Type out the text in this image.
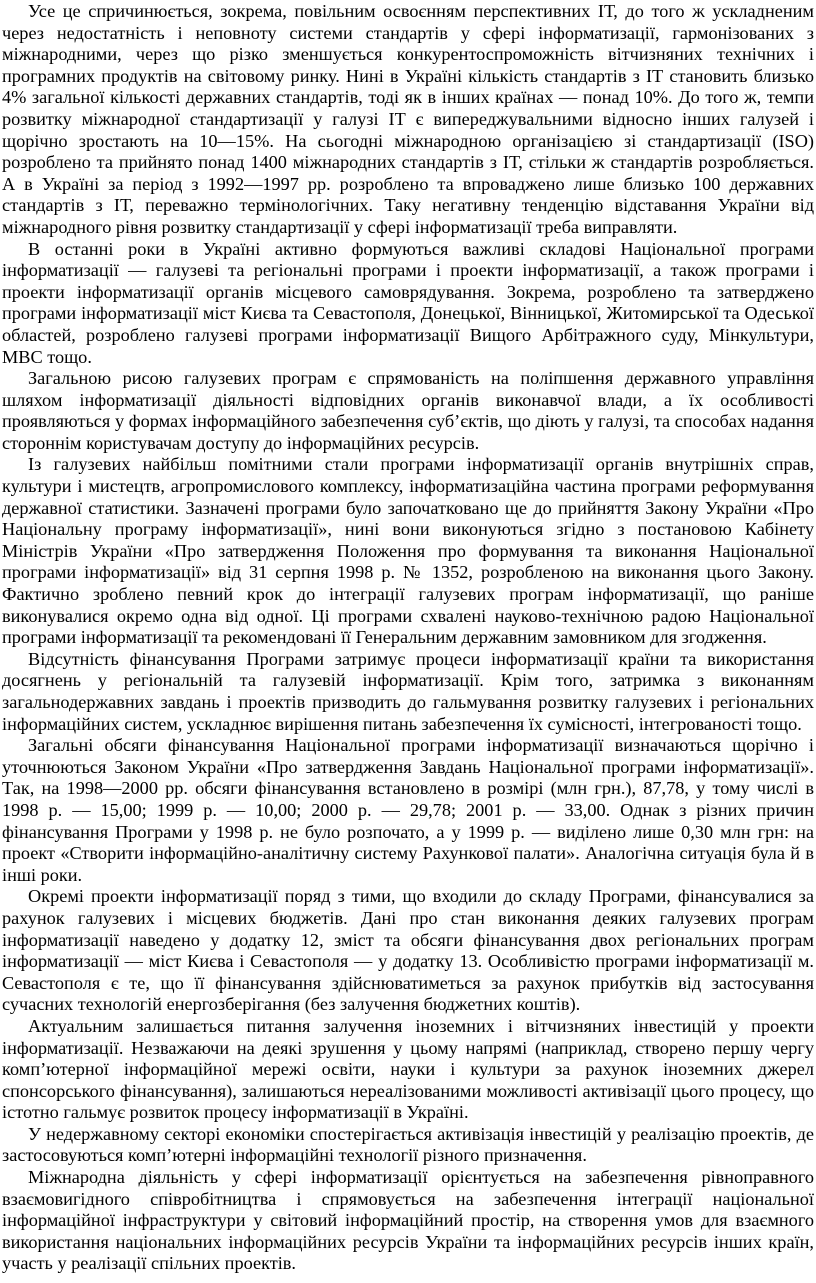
Усе це спричинюється, зокрема, повільним освоєнням перспективних ІТ, до того ж ускладненим через недостатність і неповноту системи стандартів у сфері інформатизації, гармонізованих з міжнародними, через що різко зменшується конкурентоспроможність вітчизняних технічних і програмних продуктів на світовому ринку. Нині в Україні кількість стандартів з ІТ становить близько 4% загальної кількості державних стандартів, тоді як в інших країнах — понад 10%. До того ж, темпи розвитку міжнародної стандартизації у галузі ІТ є випереджувальними відносно інших галузей і щорічно зростають на 10—15%. На сьогодні міжнародною організацією зі стандартизації (ISO) розроблено та прийнято понад 1400 міжнародних стандартів з ІТ, стільки ж стандартів розробляється. А в Україні за період з 1992—1997 рр. розроблено та впроваджено лише близько 100 державних стандартів з ІТ, переважно термінологічних. Таку негативну тенденцію відставання України від міжнародного рівня розвитку стандартизації у сфері інформатизації треба виправляти.

В останні роки в Україні активно формуються важливі складові Національної програми інформатизації — галузеві та регіональні програми і проекти інформатизації, а також програми і проекти інформатизації органів місцевого самоврядування. Зокрема, розроблено та затверджено програми інформатизації міст Києва та Севастополя, Донецької, Вінницької, Житомирської та Одеської областей, розроблено галузеві програми інформатизації Вищого Арбітражного суду, Мінкультури, МВС тощо.

Загальною рисою галузевих програм є спрямованість на поліпшення державного управління шляхом інформатизації діяльності відповідних органів виконавчої влади, а їх особливості проявляються у формах інформаційного забезпечення суб’єктів, що діють у галузі, та способах надання стороннім користувачам доступу до інформаційних ресурсів.

Із галузевих найбільш помітними стали програми інформатизації органів внутрішніх справ, культури і мистецтв, агропромислового комплексу, інформатизаційна частина програми реформування державної статистики. Зазначені програми було започатковано ще до прийняття Закону України «Про Національну програму інформатизації», нині вони виконуються згідно з постановою Кабінету Міністрів України «Про затвердження Положення про формування та виконання Національної програми інформатизації» від 31 серпня 1998 р. № 1352, розробленою на виконання цього Закону. Фактично зроблено певний крок до інтеграції галузевих програм інформатизації, що раніше виконувалися окремо одна від одної. Ці програми схвалені науково-технічною радою Національної програми інформатизації та рекомендовані її Генеральним державним замовником для згодження.

Відсутність фінансування Програми затримує процеси інформатизації країни та використання досягнень у регіональній та галузевій інформатизації. Крім того, затримка з виконанням загальнодержавних завдань і проектів призводить до гальмування розвитку галузевих і регіональних інформаційних систем, ускладнює вирішення питань забезпечення їх сумісності, інтегрованості тощо.

Загальні обсяги фінансування Національної програми інформатизації визначаються щорічно і уточнюються Законом України «Про затвердження Завдань Національної програми інформатизації». Так, на 1998—2000 рр. обсяги фінансування встановлено в розмірі (млн грн.), 87,78, у тому числі в 1998 р. — 15,00; 1999 р. — 10,00; 2000 р. — 29,78; 2001 р. — 33,00. Однак з різних причин фінансування Програми у 1998 р. не було розпочато, а у 1999 р. — виділено лише 0,30 млн грн: на проект «Створити інформаційно-аналітичну систему Рахункової палати». Аналогічна ситуація була й в інші роки.

Окремі проекти інформатизації поряд з тими, що входили до складу Програми, фінансувалися за рахунок галузевих і місцевих бюджетів. Дані про стан виконання деяких галузевих програм інформатизації наведено у додатку 12, зміст та обсяги фінансування двох регіональних програм інформатизації — міст Києва і Севастополя — у додатку 13. Особливістю програми інформатизації м. Севастополя є те, що її фінансування здійснюватиметься за рахунок прибутків від застосування сучасних технологій енергозберігання (без залучення бюджетних коштів).

Актуальним залишається питання залучення іноземних і вітчизняних інвестицій у проекти інформатизації. Незважаючи на деякі зрушення у цьому напрямі (наприклад, створено першу чергу комп’ютерної інформаційної мережі освіти, науки і культури за рахунок іноземних джерел спонсорського фінансування), залишаються нереалізованими можливості активізації цього процесу, що істотно гальмує розвиток процесу інформатизації в Україні.

У недержавному секторі економіки спостерігається активізація інвестицій у реалізацію проектів, де застосовуються комп’ютерні інформаційні технології різного призначення.

Міжнародна діяльність у сфері інформатизації орієнтується на забезпечення рівноправного взаємовигідного співробітництва і спрямовується на забезпечення інтеграції національної інформаційної інфраструктури у світовий інформаційний простір, на створення умов для взаємного використання національних інформаційних ресурсів України та інформаційних ресурсів інших країн, участь у реалізації спільних проектів.
